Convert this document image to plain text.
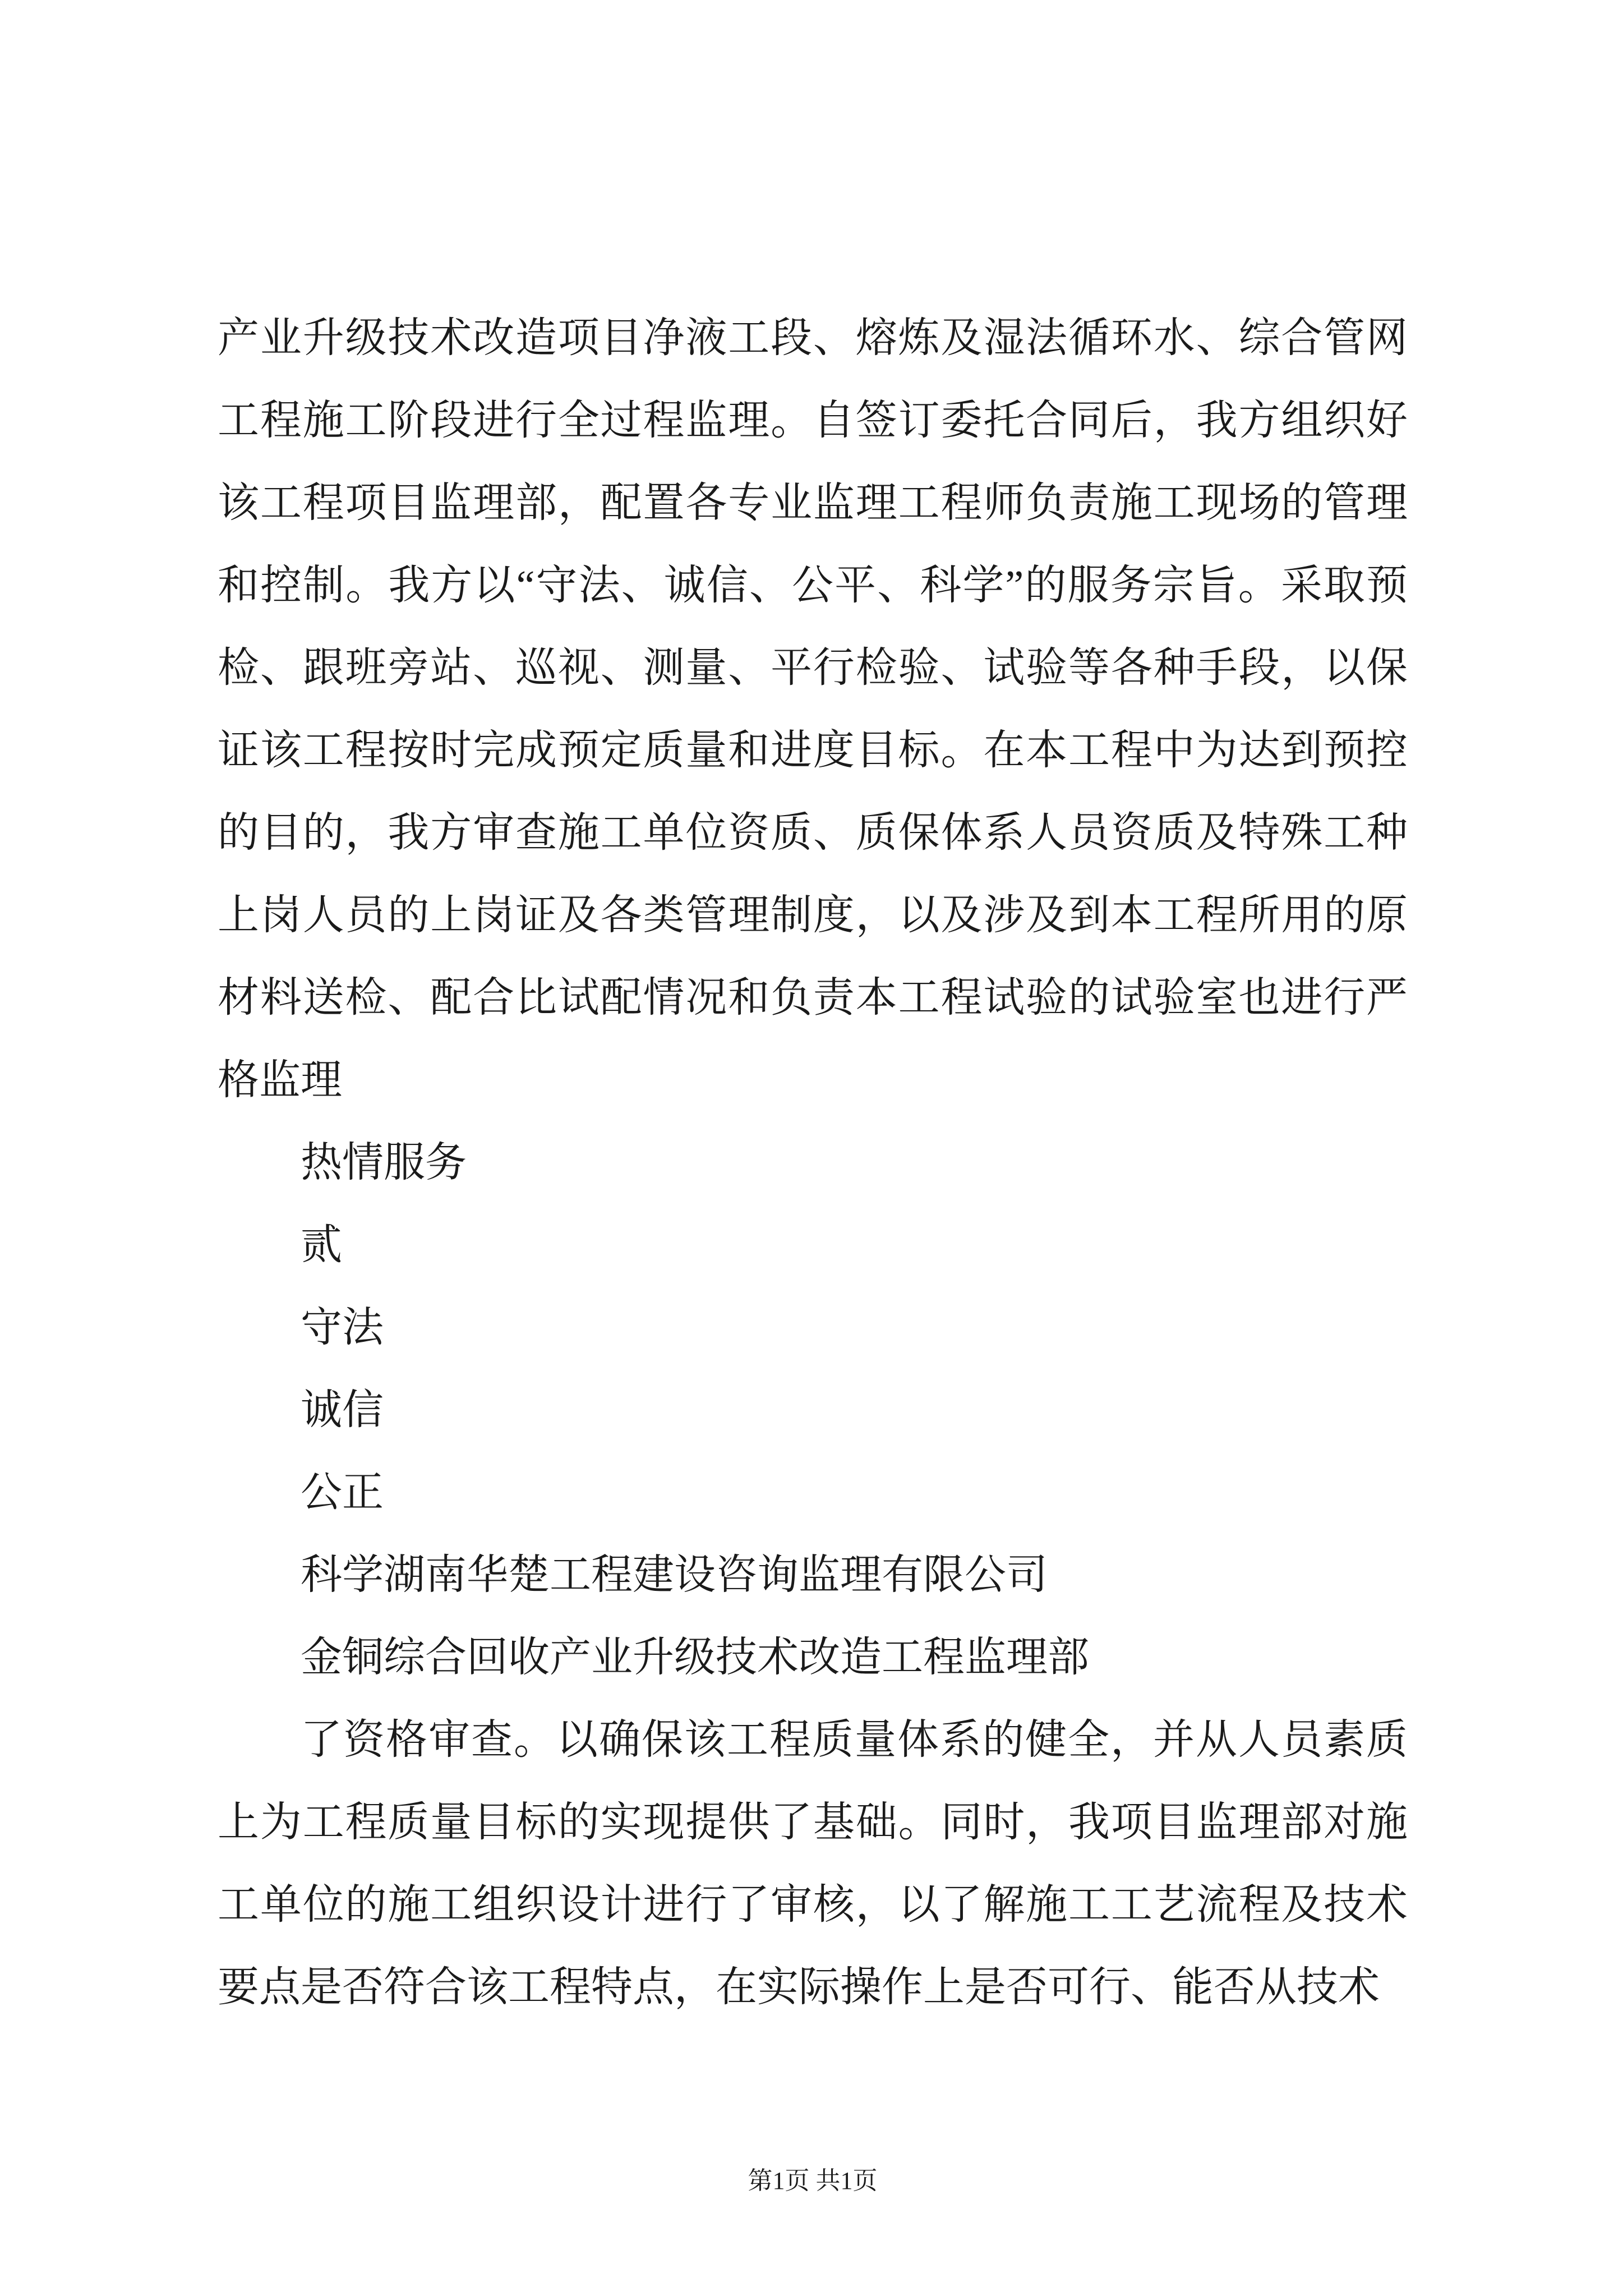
产业升级技术改造项目净液工段、熔炼及湿法循环水、综合管网工程施工阶段进行全过程监理。自签订委托合同后，我方组织好该工程项目监理部，配置各专业监理工程师负责施工现场的管理和控制。我方以“守法、诚信、公平、科学”的服务宗旨。采取预检、跟班旁站、巡视、测量、平行检验、试验等各种手段，以保证该工程按时完成预定质量和进度目标。在本工程中为达到预控的目的，我方审查施工单位资质、质保体系人员资质及特殊工种上岗人员的上岗证及各类管理制度，以及涉及到本工程所用的原材料送检、配合比试配情况和负责本工程试验的试验室也进行严格监理

热情服务

贰

守法

诚信

公正

科学湖南华楚工程建设咨询监理有限公司

金铜综合回收产业升级技术改造工程监理部

了资格审查。以确保该工程质量体系的健全，并从人员素质上为工程质量目标的实现提供了基础。同时，我项目监理部对施工单位的施工组织设计进行了审核，以了解施工工艺流程及技术要点是否符合该工程特点，在实际操作上是否可行、能否从技术

第1页 共1页
